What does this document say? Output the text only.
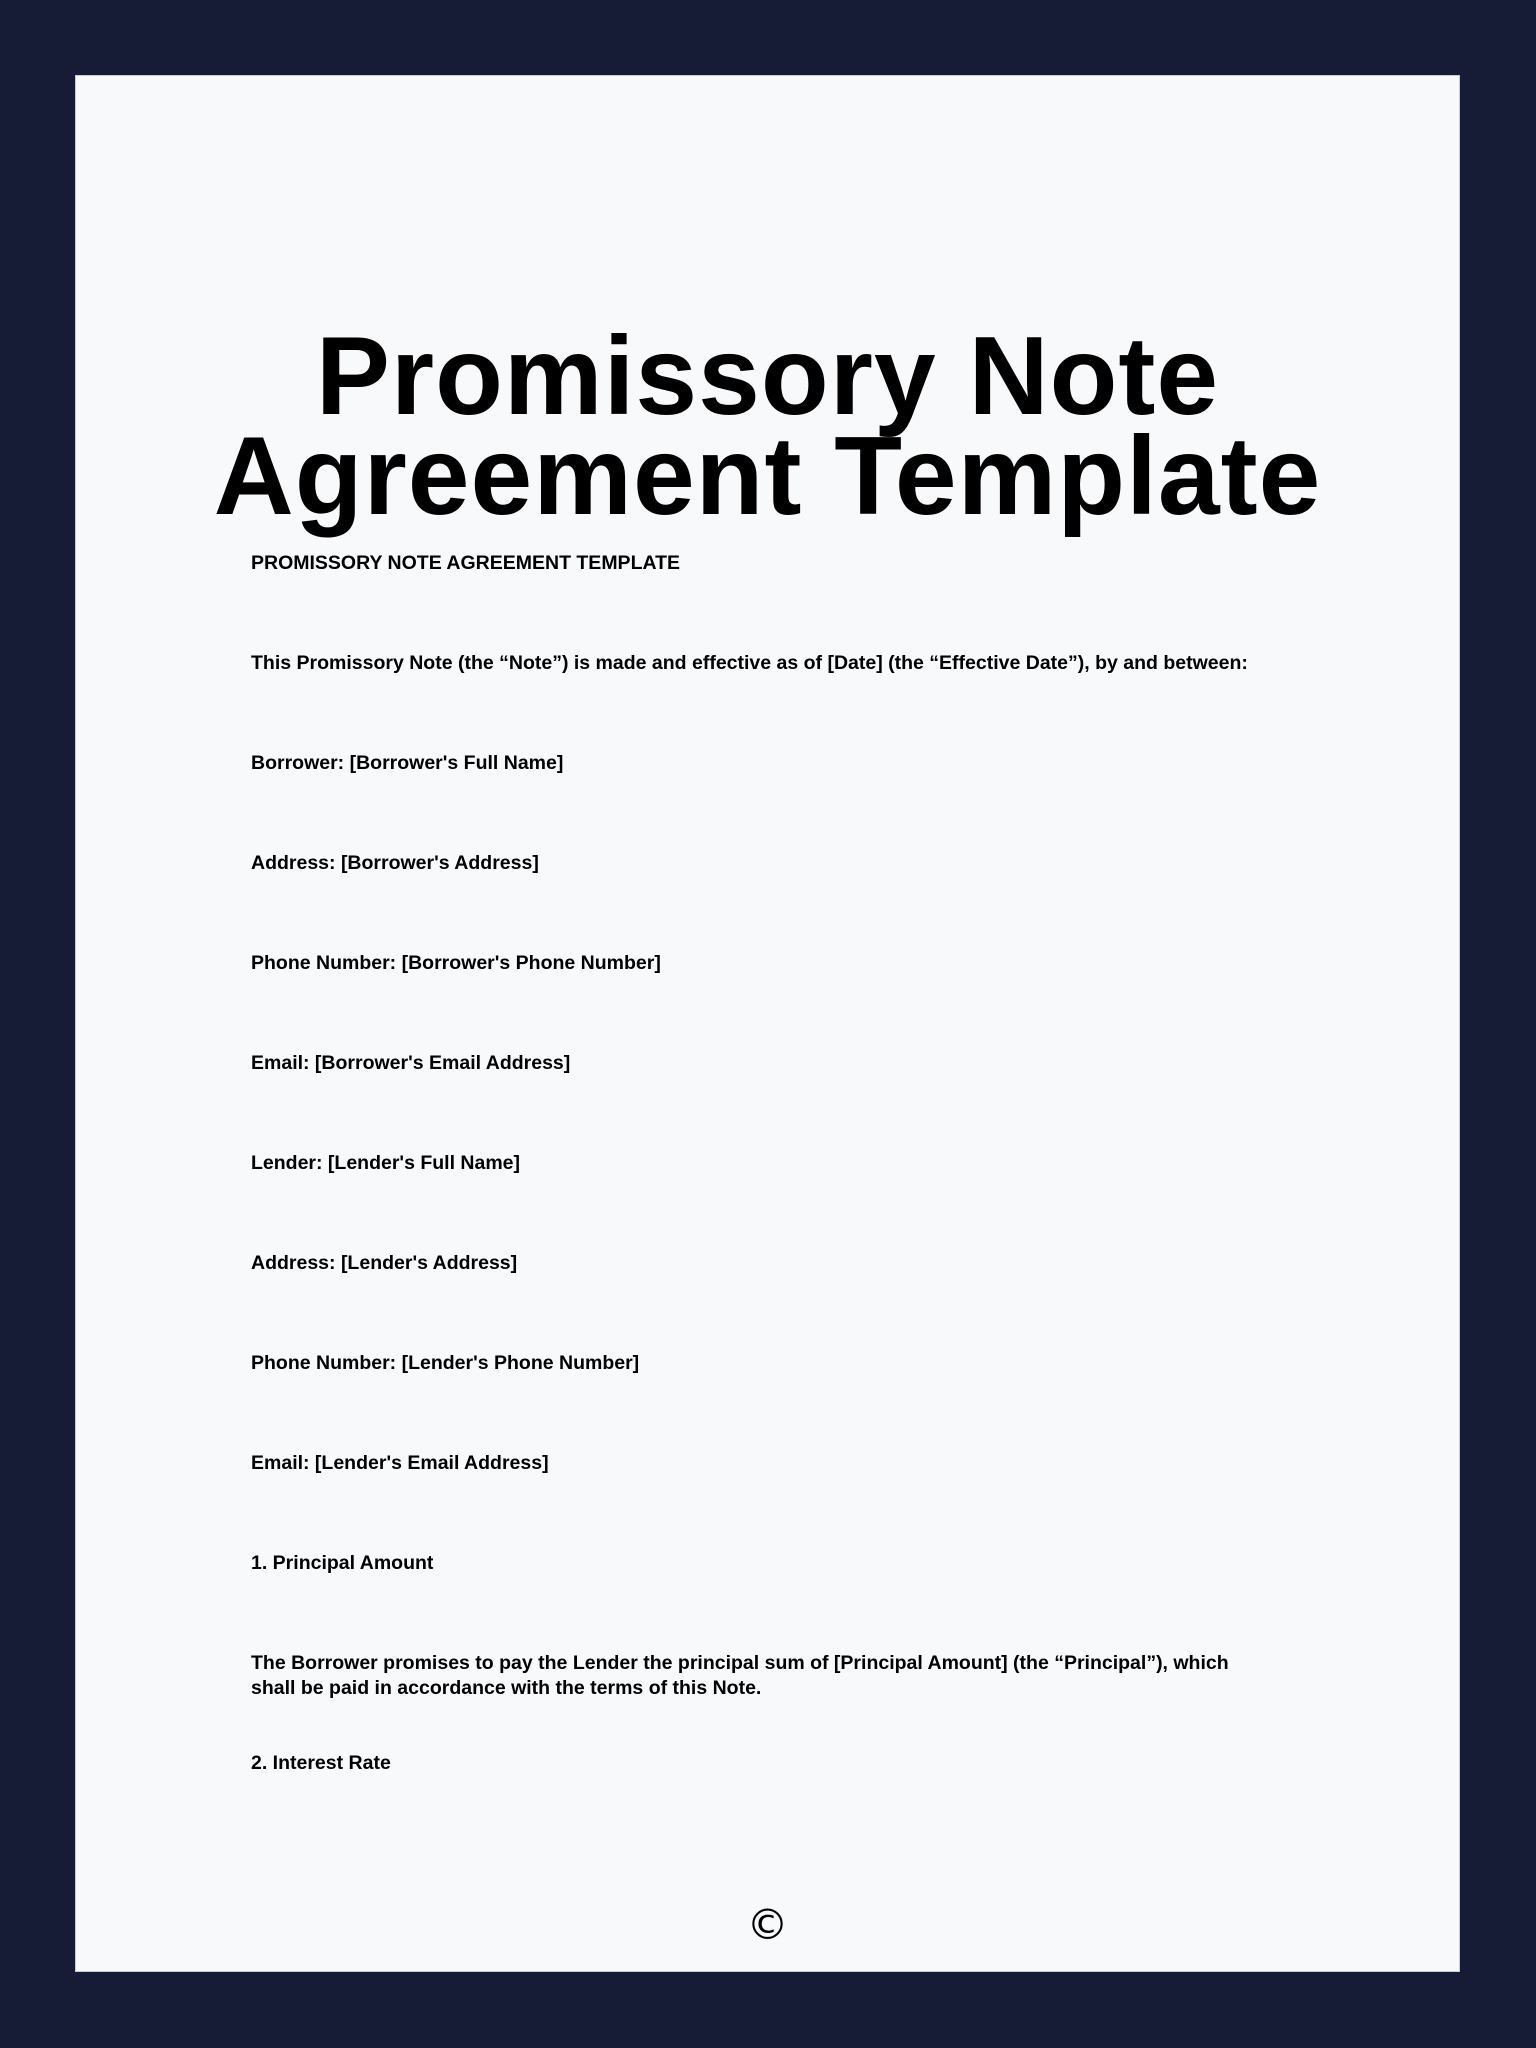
Promissory Note Agreement Template

PROMISSORY NOTE AGREEMENT TEMPLATE

This Promissory Note (the “Note”) is made and effective as of [Date] (the “Effective Date”), by and between:

Borrower: [Borrower's Full Name]

Address: [Borrower's Address]

Phone Number: [Borrower's Phone Number]

Email: [Borrower's Email Address]

Lender: [Lender's Full Name]

Address: [Lender's Address]

Phone Number: [Lender's Phone Number]

Email: [Lender's Email Address]

1. Principal Amount

The Borrower promises to pay the Lender the principal sum of [Principal Amount] (the “Principal”), which shall be paid in accordance with the terms of this Note.

2. Interest Rate

©
